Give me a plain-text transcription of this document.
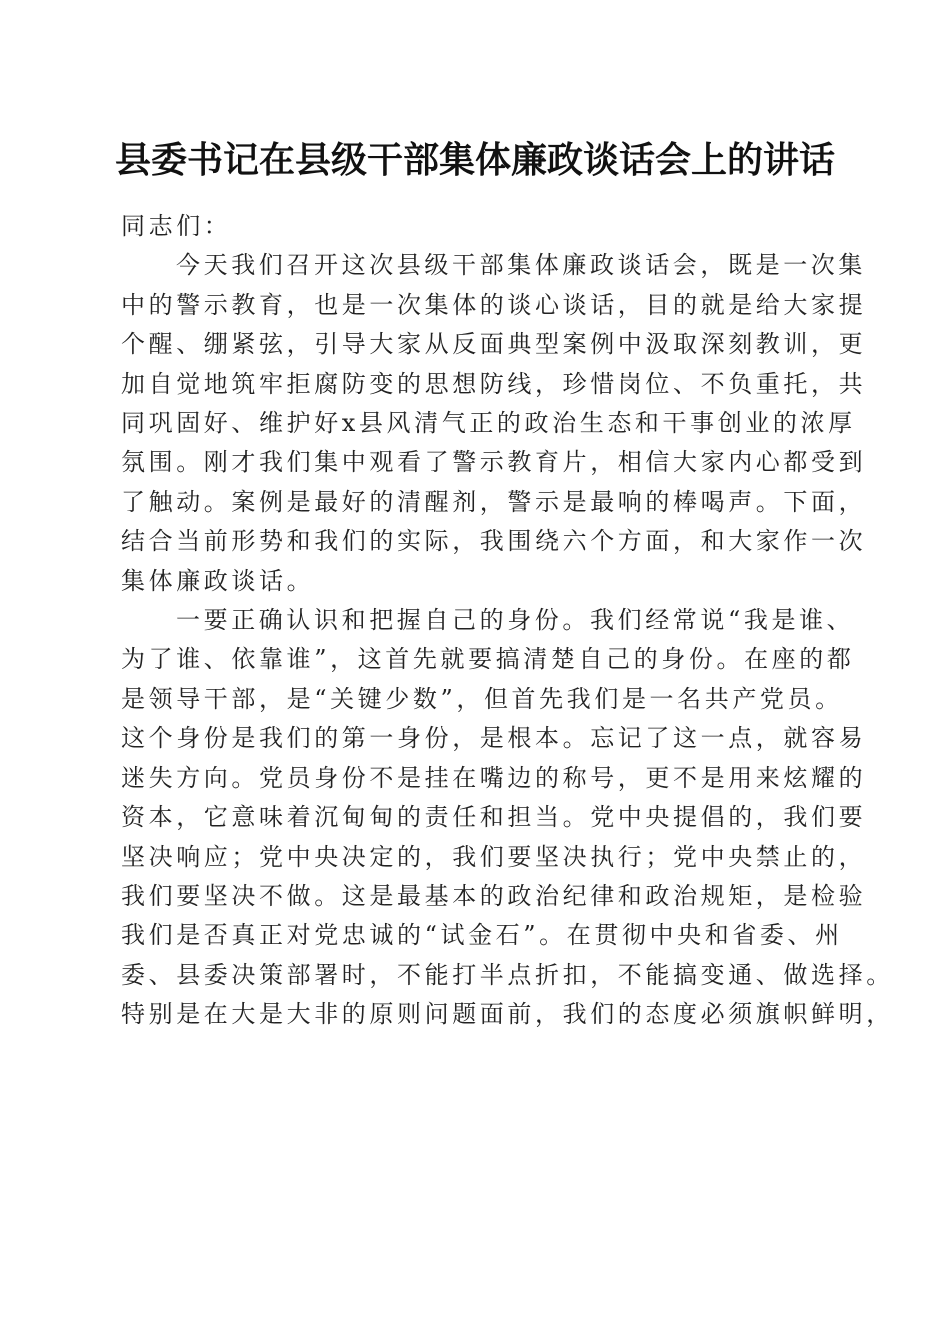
县委书记在县级干部集体廉政谈话会上的讲话

同志们：

今天我们召开这次县级干部集体廉政谈话会，既是一次集

中的警示教育，也是一次集体的谈心谈话，目的就是给大家提

个醒、绷紧弦，引导大家从反面典型案例中汲取深刻教训，更

加自觉地筑牢拒腐防变的思想防线，珍惜岗位、不负重托，共

同巩固好、维护好x县风清气正的政治生态和干事创业的浓厚

氛围。刚才我们集中观看了警示教育片，相信大家内心都受到

了触动。案例是最好的清醒剂，警示是最响的棒喝声。下面，

结合当前形势和我们的实际，我围绕六个方面，和大家作一次

集体廉政谈话。

一要正确认识和把握自己的身份。我们经常说“我是谁、

为了谁、依靠谁”，这首先就要搞清楚自己的身份。在座的都

是领导干部，是“关键少数”，但首先我们是一名共产党员。

这个身份是我们的第一身份，是根本。忘记了这一点，就容易

迷失方向。党员身份不是挂在嘴边的称号，更不是用来炫耀的

资本，它意味着沉甸甸的责任和担当。党中央提倡的，我们要

坚决响应；党中央决定的，我们要坚决执行；党中央禁止的，

我们要坚决不做。这是最基本的政治纪律和政治规矩，是检验

我们是否真正对党忠诚的“试金石”。在贯彻中央和省委、州

委、县委决策部署时，不能打半点折扣，不能搞变通、做选择。

特别是在大是大非的原则问题面前，我们的态度必须旗帜鲜明，
